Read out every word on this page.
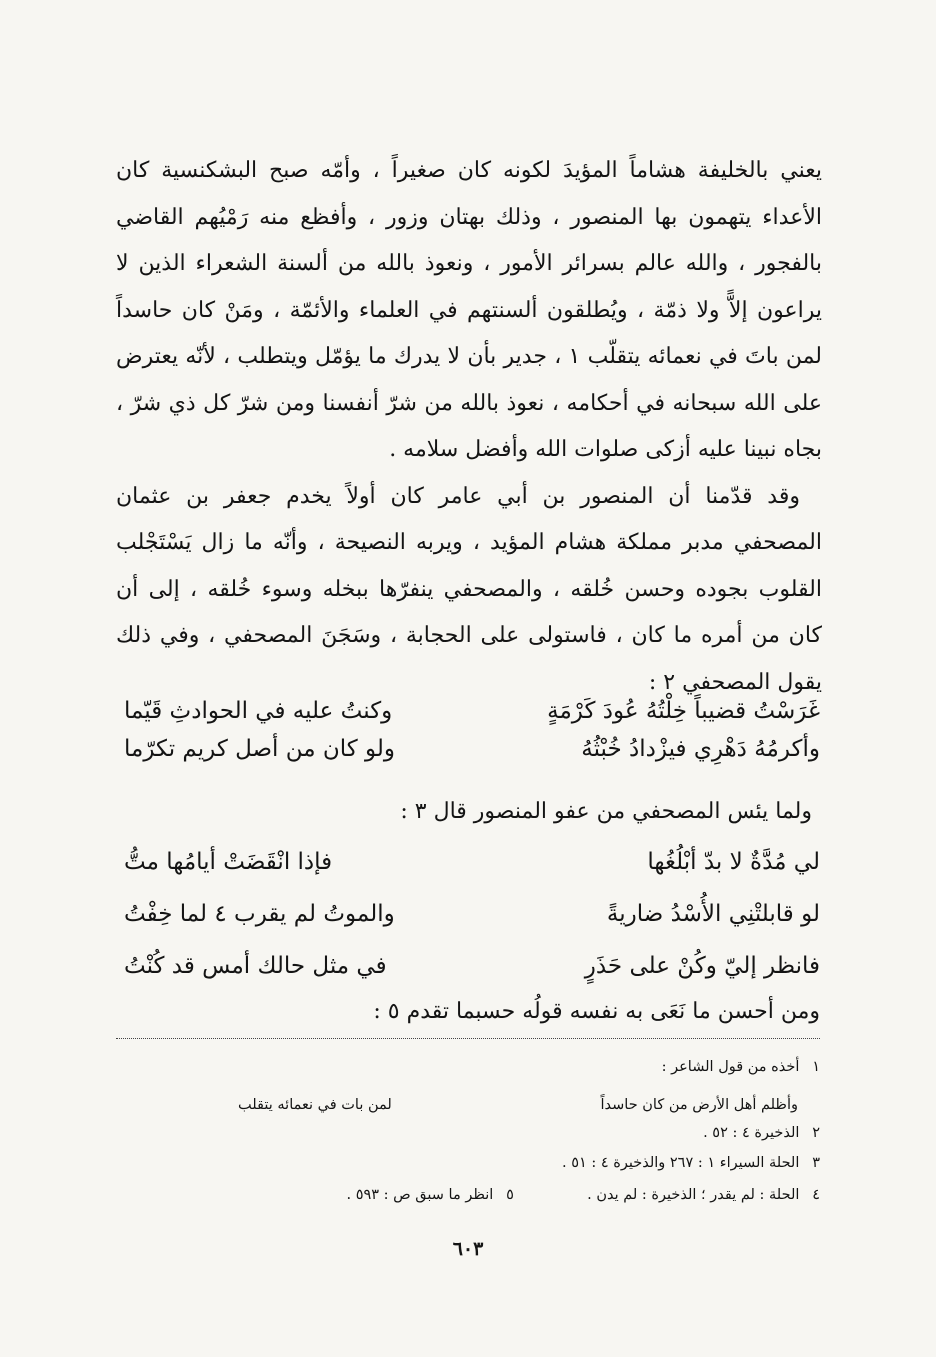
يعني بالخليفة هشاماً المؤيدَ لكونه كان صغيراً ، وأمّه صبح البشكنسية كان الأعداء يتهمون بها المنصور ، وذلك بهتان وزور ، وأفظع منه رَمْيُهم القاضي بالفجور ، والله عالم بسرائر الأمور ، ونعوذ بالله من ألسنة الشعراء الذين لا يراعون إلاًّ ولا ذمّة ، ويُطلقون ألسنتهم في العلماء والأئمّة ، ومَنْ كان حاسداً لمن باتَ في نعمائه يتقلّب ١ ، جدير بأن لا يدرك ما يؤمّل ويتطلب ، لأنّه يعترض على الله سبحانه في أحكامه ، نعوذ بالله من شرّ أنفسنا ومن شرّ كل ذي شرّ ، بجاه نبينا عليه أزكى صلوات الله وأفضل سلامه .

وقد قدّمنا أن المنصور بن أبي عامر كان أولاً يخدم جعفر بن عثمان المصحفي مدبر مملكة هشام المؤيد ، ويربه النصيحة ، وأنّه ما زال يَسْتَجْلب القلوب بجوده وحسن خُلقه ، والمصحفي ينفرّها ببخله وسوء خُلقه ، إلى أن كان من أمره ما كان ، فاستولى على الحجابة ، وسَجَنَ المصحفي ، وفي ذلك يقول المصحفي ٢ :

غَرَسْتُ قضيباً خِلْتُهُ عُودَ كَرْمَةٍ
وكنتُ عليه في الحوادثِ قَيّما
وأكرمُهُ دَهْرِي فيزْدادُ خُبْثُهُ
ولو كان من أصل كريم تكرّما
ولما يئس المصحفي من عفو المنصور قال ٣ :
لي مُدَّةٌ لا بدّ أبْلُغُها
فإذا انْقَضَتْ أيامُها متُّ
لو قابلتْنِي الأُسْدُ ضاريةً
والموتُ لم يقرب ٤ لما خِفْتُ
فانظر إليّ وكُنْ على حَذَرٍ
في مثل حالك أمس قد كُنْتُ
ومن أحسن ما نَعَى به نفسه قولُه حسبما تقدم ٥ :
١ أخذه من قول الشاعر :
وأظلم أهل الأرض من كان حاسداً
لمن بات في نعمائه يتقلب
٢ الذخيرة ٤ : ٥٢ .
٣ الحلة السيراء ١ : ٢٦٧ والذخيرة ٤ : ٥١ .
٤ الحلة : لم يقدر ؛ الذخيرة : لم يدن .  ٥ انظر ما سبق ص : ٥٩٣ .
٦٠٣
